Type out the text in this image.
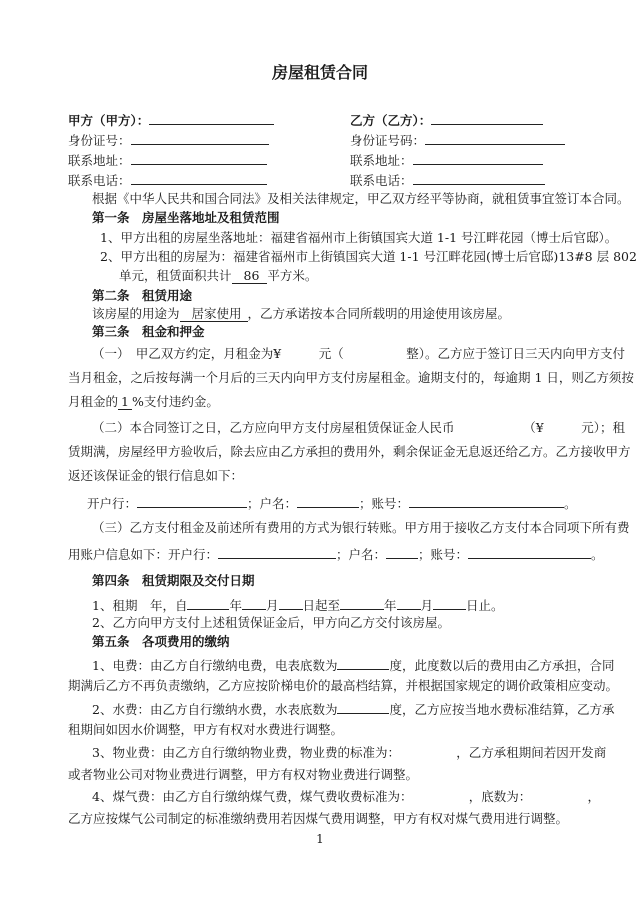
房屋租赁合同
甲方（甲方）：	乙方（乙方）：
身份证号：	身份证号码：
联系地址：	联系地址：
联系电话：	联系电话：
根据《中华人民共和国合同法》及相关法律规定，甲乙双方经平等协商，就租赁事宜签订本合同。
第一条　房屋坐落地址及租赁范围
1、甲方出租的房屋坐落地址：福建省福州市上街镇国宾大道 1-1 号江畔花园（博士后官邸）。
2、甲方出租的房屋为：福建省福州市上街镇国宾大道 1-1 号江畔花园(博士后官邸)13#8 层 802
单元，租赁面积共计 86 平方米。
第二条　租赁用途
该房屋的用途为 居家使用 ，乙方承诺按本合同所载明的用途使用该房屋。
第三条　租金和押金
（一）　甲乙双方约定，月租金为¥　　　元（　　　　　整）。乙方应于签订日三天内向甲方支付
当月租金，之后按每满一个月后的三天内向甲方支付房屋租金。逾期支付的，每逾期 1 日，则乙方须按
月租金的 1 %支付违约金。
（二）本合同签订之日，乙方应向甲方支付房屋租赁保证金人民币　　　　　　（¥　　　元）；租
赁期满，房屋经甲方验收后，除去应由乙方承担的费用外，剩余保证金无息返还给乙方。乙方接收甲方
返还该保证金的银行信息如下：
开户行：	；户名：	；账号：	。
（三）乙方支付租金及前述所有费用的方式为银行转账。甲方用于接收乙方支付本合同项下所有费
用账户信息如下：开户行：	；户名：	；账号：	。
第四条　租赁期限及交付日期
1、租期　年，自	年 月 日起至	年 月	日止。
2、乙方向甲方支付上述租赁保证金后，甲方向乙方交付该房屋。
第五条　各项费用的缴纳
1、电费：由乙方自行缴纳电费，电表底数为	度，此度数以后的费用由乙方承担，合同
期满后乙方不再负责缴纳，乙方应按阶梯电价的最高档结算，并根据国家规定的调价政策相应变动。
2、水费：由乙方自行缴纳水费，水表底数为	度，乙方应按当地水费标准结算，乙方承
租期间如因水价调整，甲方有权对水费进行调整。
3、物业费：由乙方自行缴纳物业费，物业费的标准为：　　　　　，乙方承租期间若因开发商
或者物业公司对物业费进行调整，甲方有权对物业费进行调整。
4、煤气费：由乙方自行缴纳煤气费，煤气费收费标准为：　　　　　，底数为：　　　　　，
乙方应按煤气公司制定的标准缴纳费用若因煤气费用调整，甲方有权对煤气费用进行调整。
1
